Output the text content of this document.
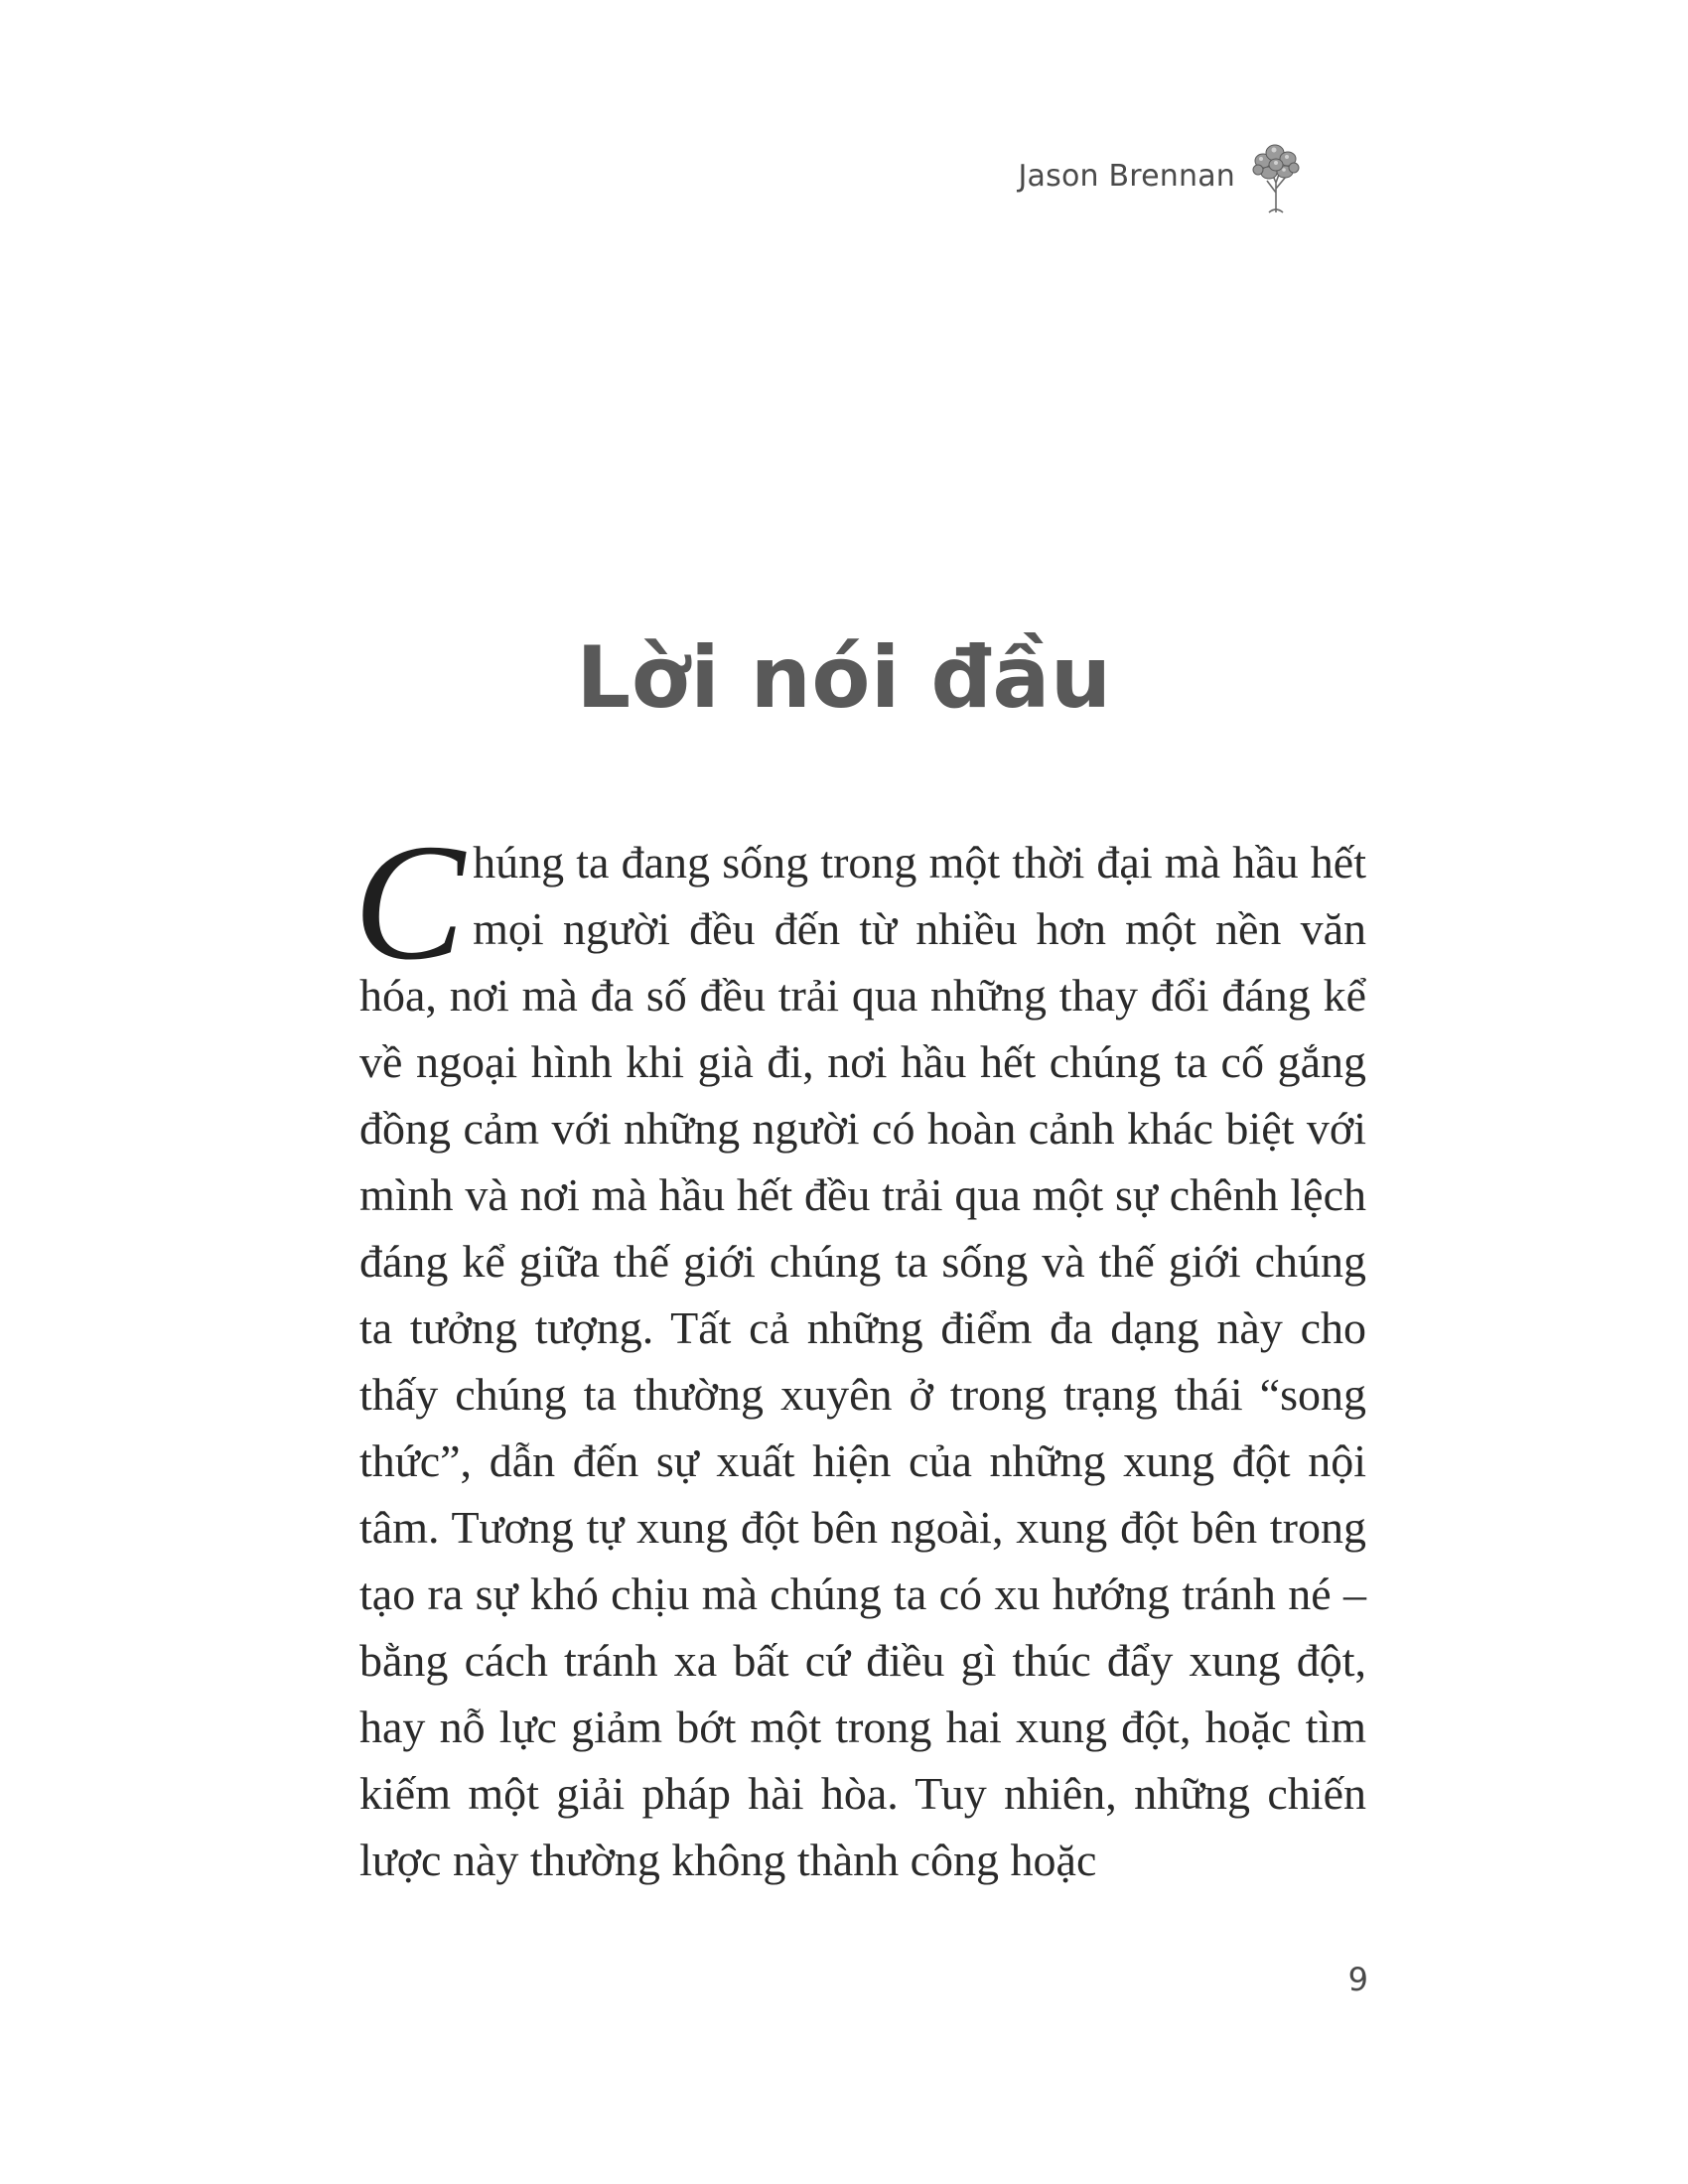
Jason Brennan
Lời nói đầu
Chúng ta đang sống trong một thời đại mà hầu hết mọi người đều đến từ nhiều hơn một nền văn hóa, nơi mà đa số đều trải qua những thay đổi đáng kể về ngoại hình khi già đi, nơi hầu hết chúng ta cố gắng đồng cảm với những người có hoàn cảnh khác biệt với mình và nơi mà hầu hết đều trải qua một sự chênh lệch đáng kể giữa thế giới chúng ta sống và thế giới chúng ta tưởng tượng. Tất cả những điểm đa dạng này cho thấy chúng ta thường xuyên ở trong trạng thái “song thức”, dẫn đến sự xuất hiện của những xung đột nội tâm. Tương tự xung đột bên ngoài, xung đột bên trong tạo ra sự khó chịu mà chúng ta có xu hướng tránh né – bằng cách tránh xa bất cứ điều gì thúc đẩy xung đột, hay nỗ lực giảm bớt một trong hai xung đột, hoặc tìm kiếm một giải pháp hài hòa. Tuy nhiên, những chiến lược này thường không thành công hoặc
9
